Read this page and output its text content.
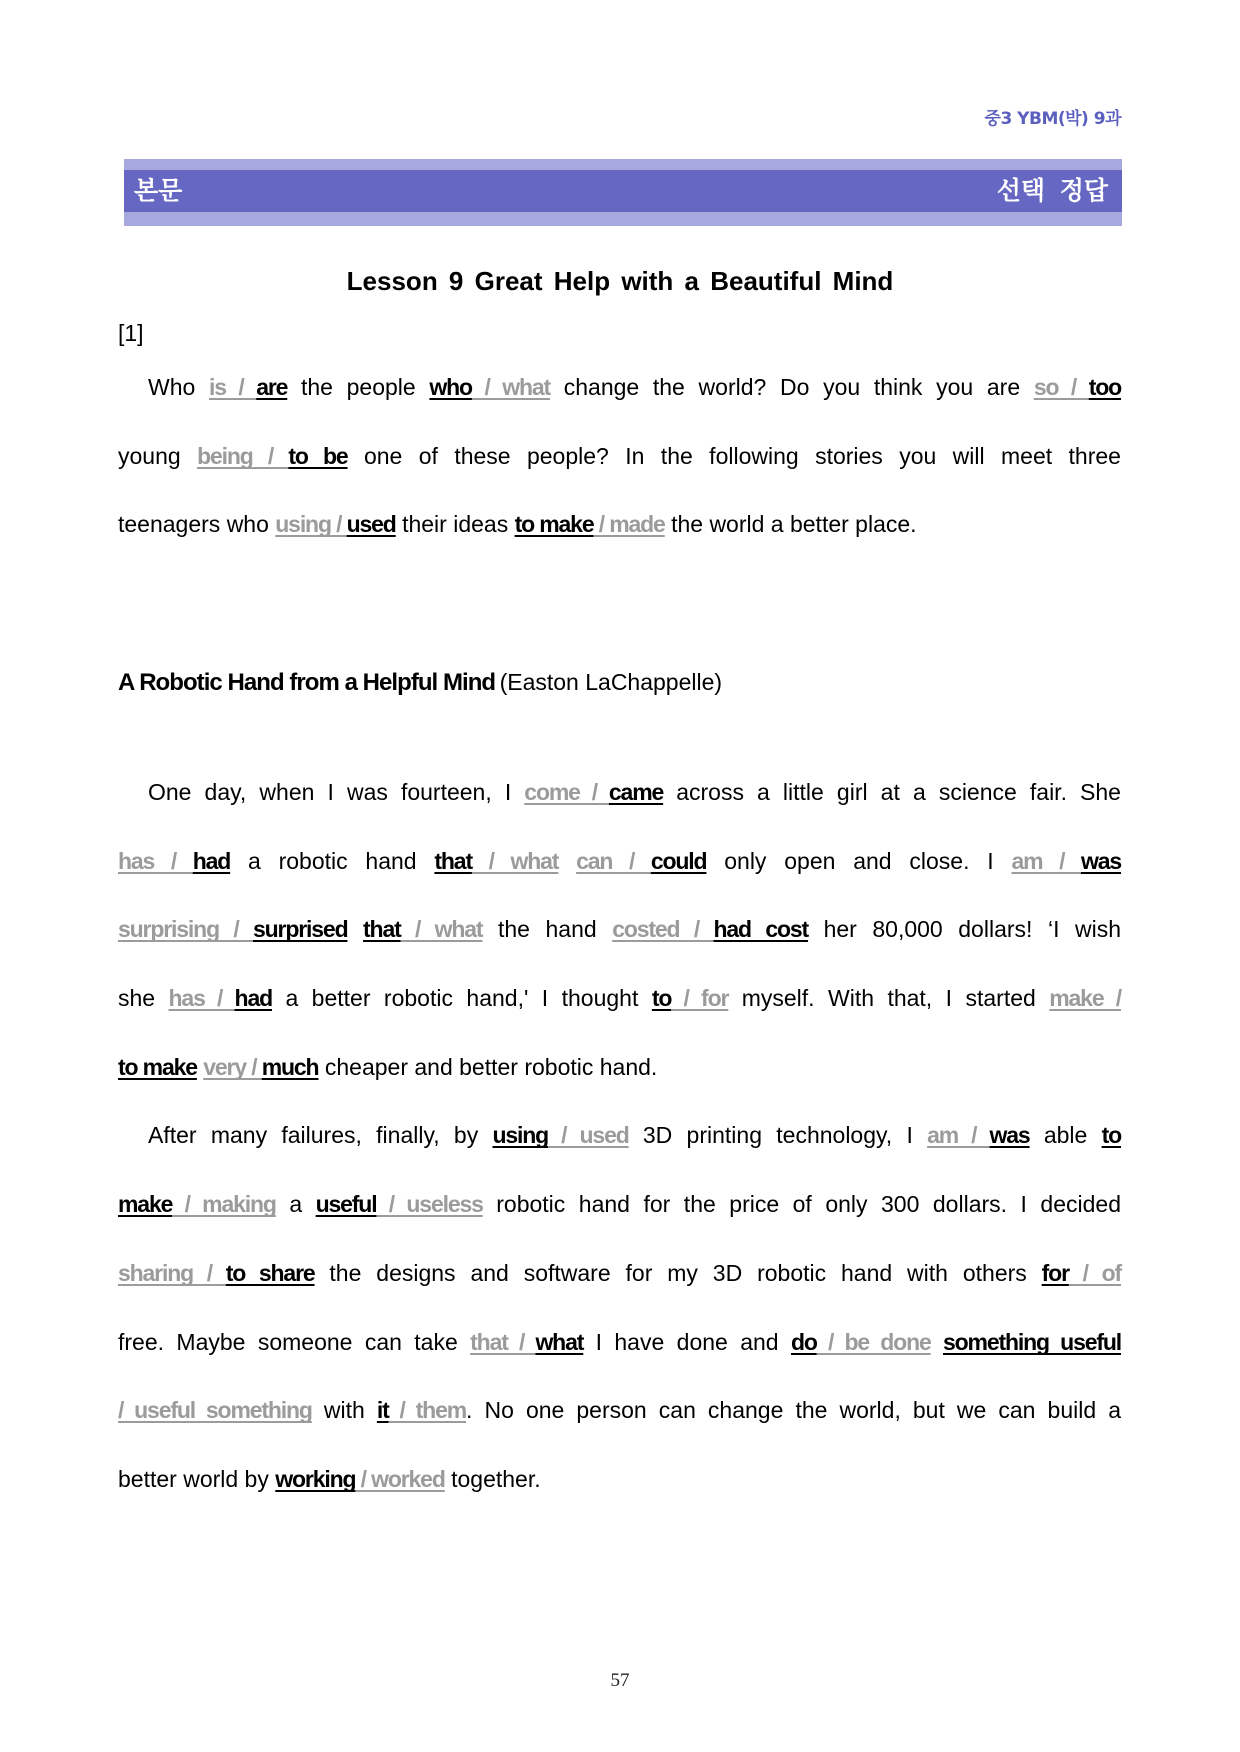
중3 YBM(박) 9과
본문	선택 정답
Lesson 9 Great Help with a Beautiful Mind
[1]
Who is / are the people who / what change the world? Do you think you are so / too
young being / to be one of these people? In the following stories you will meet three
teenagers who using / used their ideas to make / made the world a better place.
A Robotic Hand from a Helpful Mind (Easton LaChappelle)
One day, when I was fourteen, I come / came across a little girl at a science fair. She
has / had a robotic hand that / what can / could only open and close. I am / was
surprising / surprised that / what the hand costed / had cost her 80,000 dollars! ‘I wish
she has / had a better robotic hand,' I thought to / for myself. With that, I started make /
to make very / much cheaper and better robotic hand.
After many failures, finally, by using / used 3D printing technology, I am / was able to
make / making a useful / useless robotic hand for the price of only 300 dollars. I decided
sharing / to share the designs and software for my 3D robotic hand with others for / of
free. Maybe someone can take that / what I have done and do / be done something useful
/ useful something with it / them. No one person can change the world, but we can build a
better world by working / worked together.
57
